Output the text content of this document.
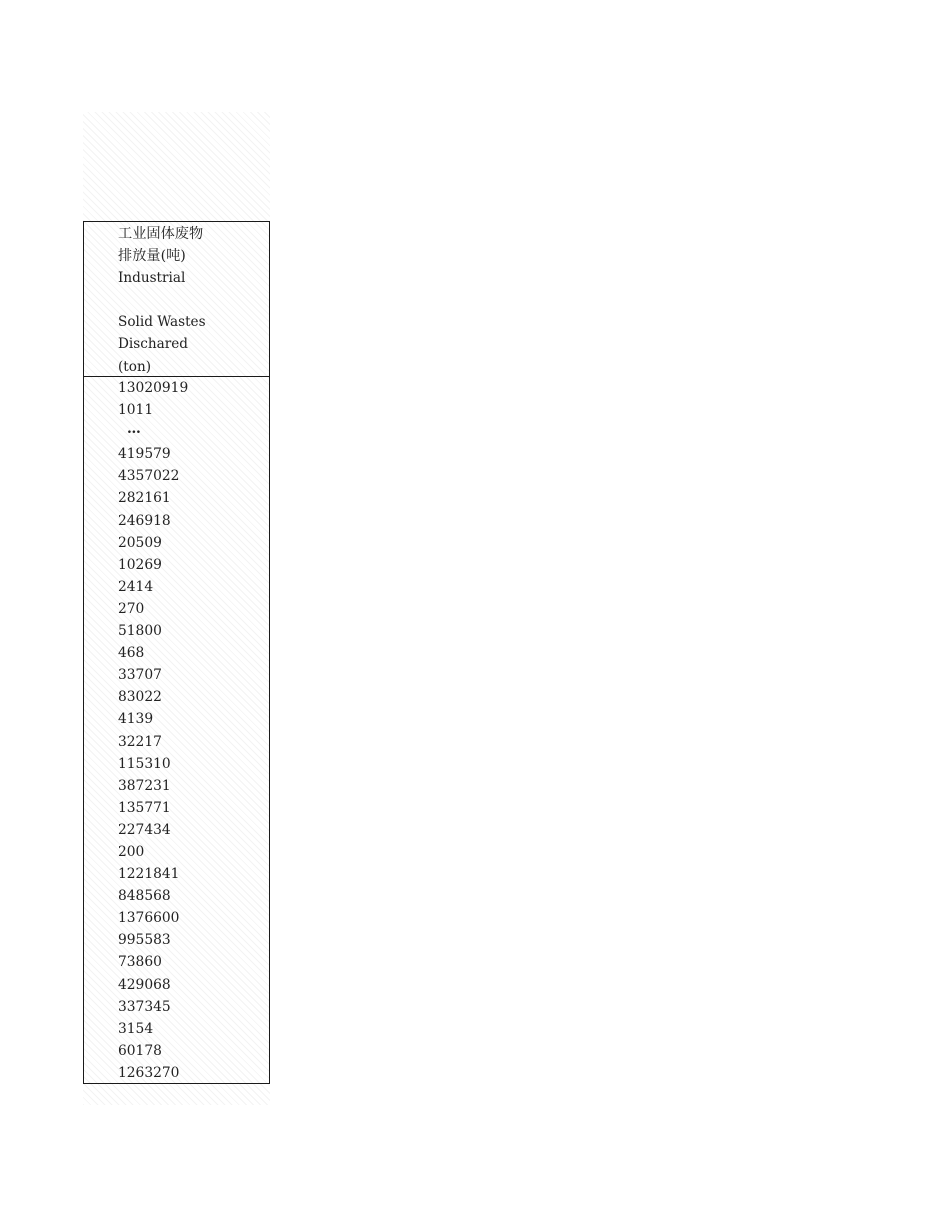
工业固体废物
排放量(吨)
Industrial
Solid Wastes
Dischared
(ton)
13020919
1011
…
419579
4357022
282161
246918
20509
10269
2414
270
51800
468
33707
83022
4139
32217
115310
387231
135771
227434
200
1221841
848568
1376600
995583
73860
429068
337345
3154
60178
1263270
